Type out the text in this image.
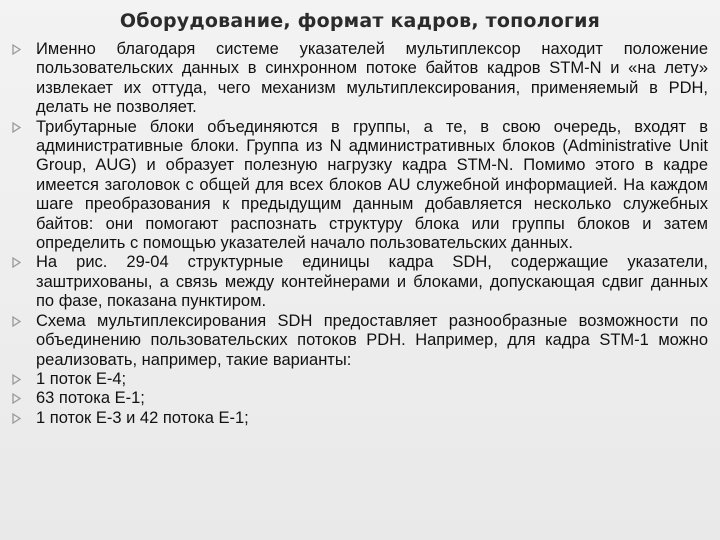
Оборудование, формат кадров, топология
Именно благодаря системе указателей мультиплексор находит положение пользовательских данных в синхронном потоке байтов кадров STM-N и «на лету» извлекает их оттуда, чего механизм мультиплексирования, применяемый в PDH, делать не позволяет.
Трибутарные блоки объединяются в группы, а те, в свою очередь, входят в административные блоки. Группа из N административных блоков (Administrative Unit Group, AUG) и образует полезную нагрузку кадра STM-N. Помимо этого в кадре имеется заголовок с общей для всех блоков AU служебной информацией. На каждом шаге преобразования к предыдущим данным добавляется несколько служебных байтов: они помогают распознать структуру блока или группы блоков и затем определить с помощью указателей начало пользовательских данных.
На рис. 29-04 структурные единицы кадра SDH, содержащие указатели, заштрихованы, а связь между контейнерами и блоками, допускающая сдвиг данных по фазе, показана пунктиром.
Схема мультиплексирования SDH предоставляет разнообразные возможности по объединению пользовательских потоков PDH. Например, для кадра STM-1 можно реализовать, например, такие варианты:
1 поток E-4;
63 потока E-1;
1 поток E-3 и 42 потока E-1;
